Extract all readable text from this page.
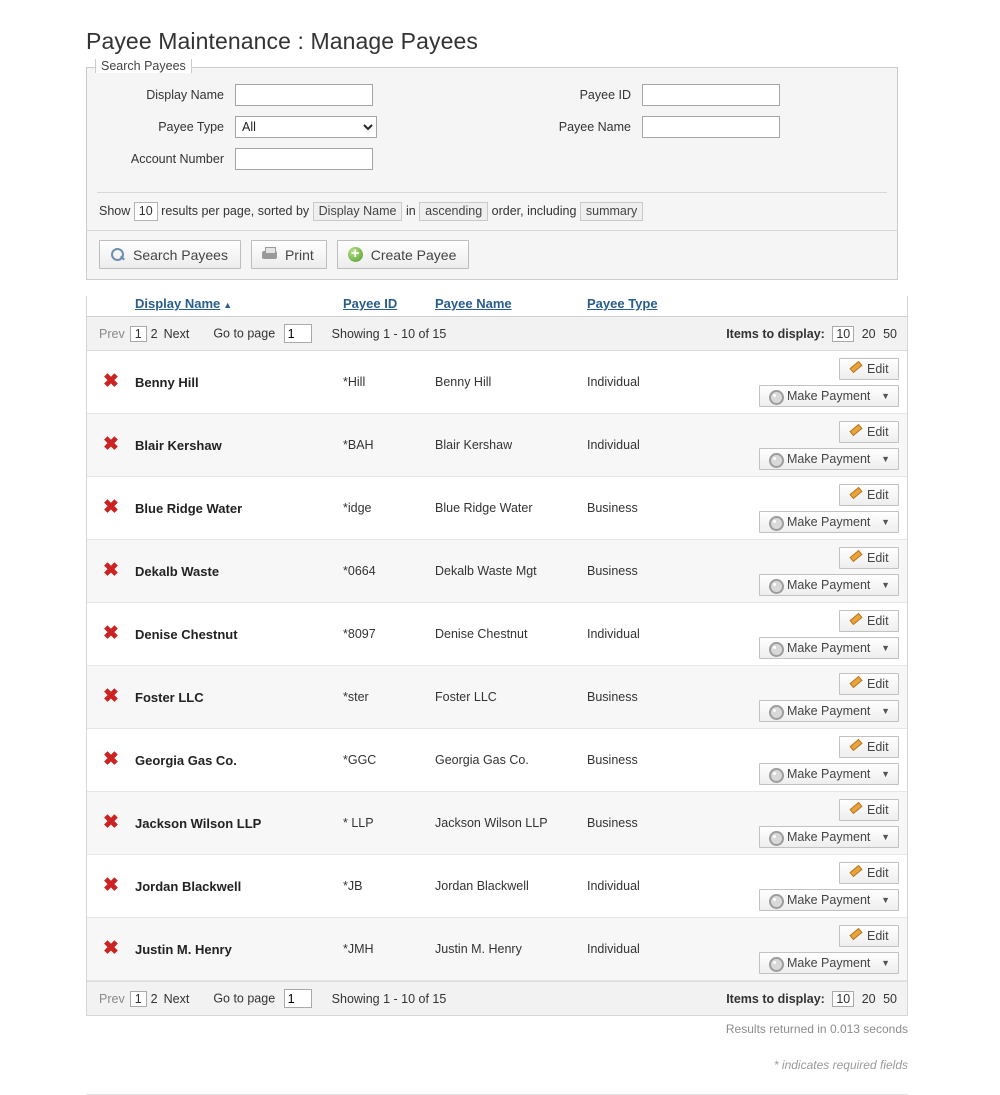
Payee Maintenance : Manage Payees
Search Payees
Display Name
Payee Type
All
Account Number
Payee ID
Payee Name
Show 10 results per page, sorted by Display Name in ascending order, including summary
Search Payees	Print +	Create Payee
Display Name ▲	Payee ID	Payee Name	Payee Type
Prev 1 2 Next Go to page 1	Showing 1 - 10 of 15	Items to display: 10 20 50
✖	Benny Hill	*Hill	Benny Hill	Individual
Edit
Make Payment ▼
✖	Blair Kershaw	*BAH	Blair Kershaw	Individual
Edit
Make Payment ▼
✖	Blue Ridge Water	*idge	Blue Ridge Water	Business
Edit
Make Payment ▼
✖	Dekalb Waste	*0664	Dekalb Waste Mgt	Business
Edit
Make Payment ▼
✖	Denise Chestnut	*8097	Denise Chestnut	Individual
Edit
Make Payment ▼
✖	Foster LLC	*ster	Foster LLC	Business
Edit
Make Payment ▼
✖	Georgia Gas Co.	*GGC	Georgia Gas Co.	Business
Edit
Make Payment ▼
✖	Jackson Wilson LLP	* LLP	Jackson Wilson LLP	Business
Edit
Make Payment ▼
✖	Jordan Blackwell	*JB	Jordan Blackwell	Individual
Edit
Make Payment ▼
✖	Justin M. Henry	*JMH	Justin M. Henry	Individual
Edit
Make Payment ▼
Prev 1 2 Next Go to page 1	Showing 1 - 10 of 15	Items to display: 10 20 50
Results returned in 0.013 seconds
* indicates required fields
